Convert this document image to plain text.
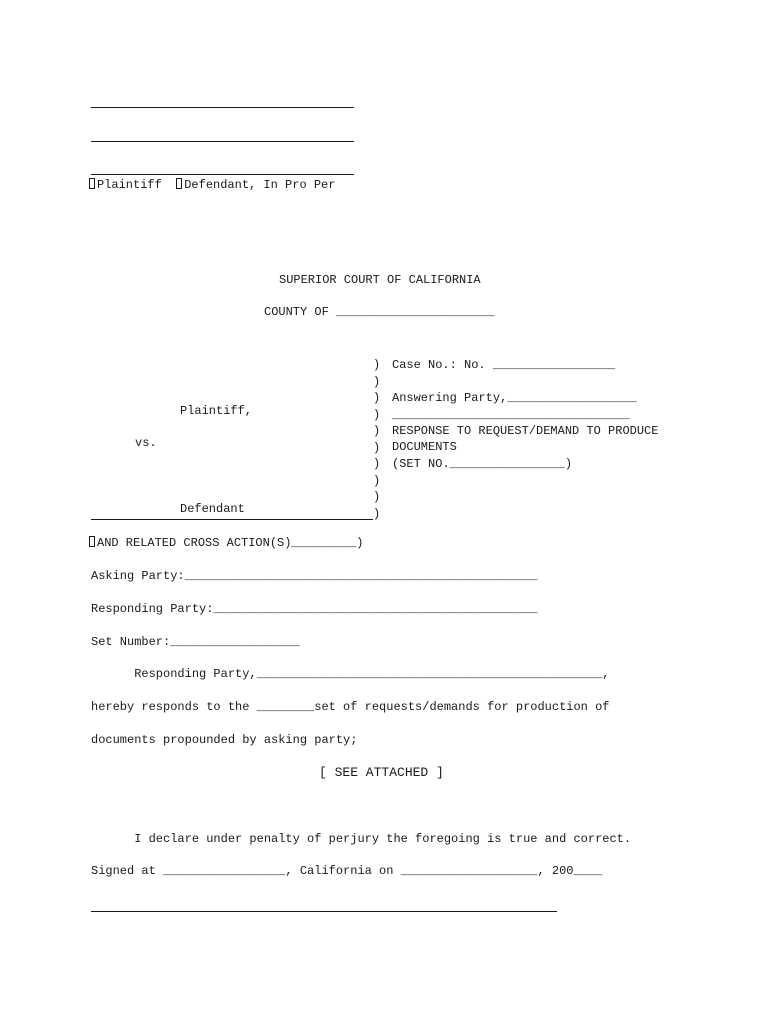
Plaintiff  Defendant, In Pro Per
SUPERIOR COURT OF CALIFORNIA
COUNTY OF ______________________
Plaintiff,
vs.
Defendant
)
)
)
)
)
)
)
)
)
)
Case No.: No. _________________
Answering Party,__________________
_________________________________
RESPONSE TO REQUEST/DEMAND TO PRODUCE
DOCUMENTS
(SET NO.________________)
AND RELATED CROSS ACTION(S)_________)
Asking Party:_________________________________________________
Responding Party:_____________________________________________
Set Number:__________________
Responding Party,________________________________________________,
hereby responds to the ________set of requests/demands for production of
documents propounded by asking party;
[ SEE ATTACHED ]
I declare under penalty of perjury the foregoing is true and correct.
Signed at _________________, California on ___________________, 200____
